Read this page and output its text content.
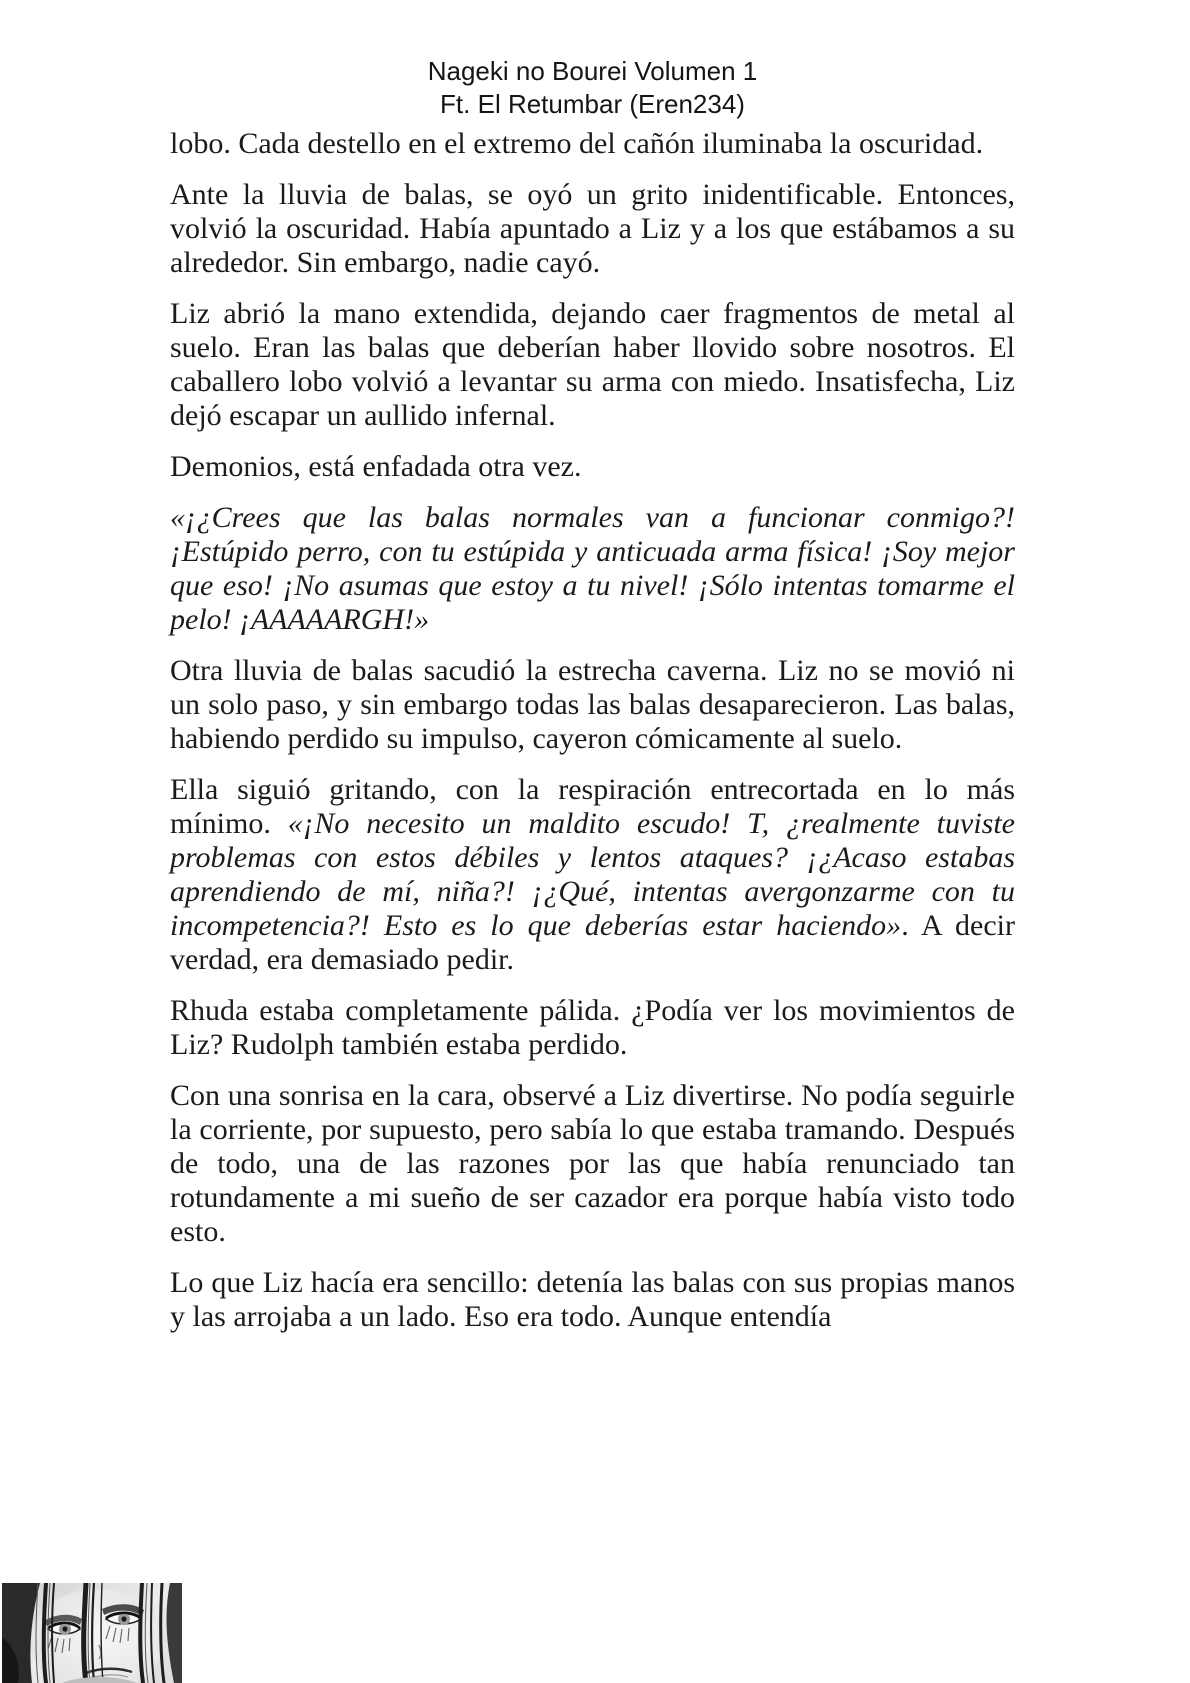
Nageki no Bourei Volumen 1
Ft. El Retumbar (Eren234)

lobo. Cada destello en el extremo del cañón iluminaba la oscuridad.

Ante la lluvia de balas, se oyó un grito inidentificable. Entonces, volvió la oscuridad. Había apuntado a Liz y a los que estábamos a su alrededor. Sin embargo, nadie cayó.

Liz abrió la mano extendida, dejando caer fragmentos de metal al suelo. Eran las balas que deberían haber llovido sobre nosotros. El caballero lobo volvió a levantar su arma con miedo. Insatisfecha, Liz dejó escapar un aullido infernal.

Demonios, está enfadada otra vez.

«¡¿Crees que las balas normales van a funcionar conmigo?! ¡Estúpido perro, con tu estúpida y anticuada arma física! ¡Soy mejor que eso! ¡No asumas que estoy a tu nivel! ¡Sólo intentas tomarme el pelo! ¡AAAAARGH!»

Otra lluvia de balas sacudió la estrecha caverna. Liz no se movió ni un solo paso, y sin embargo todas las balas desaparecieron. Las balas, habiendo perdido su impulso, cayeron cómicamente al suelo.

Ella siguió gritando, con la respiración entrecortada en lo más mínimo. «¡No necesito un maldito escudo! T, ¿realmente tuviste problemas con estos débiles y lentos ataques? ¡¿Acaso estabas aprendiendo de mí, niña?! ¡¿Qué, intentas avergonzarme con tu incompetencia?! Esto es lo que deberías estar haciendo». A decir verdad, era demasiado pedir.

Rhuda estaba completamente pálida. ¿Podía ver los movimientos de Liz? Rudolph también estaba perdido.

Con una sonrisa en la cara, observé a Liz divertirse. No podía seguirle la corriente, por supuesto, pero sabía lo que estaba tramando. Después de todo, una de las razones por las que había renunciado tan rotundamente a mi sueño de ser cazador era porque había visto todo esto.

Lo que Liz hacía era sencillo: detenía las balas con sus propias manos y las arrojaba a un lado. Eso era todo. Aunque entendía
